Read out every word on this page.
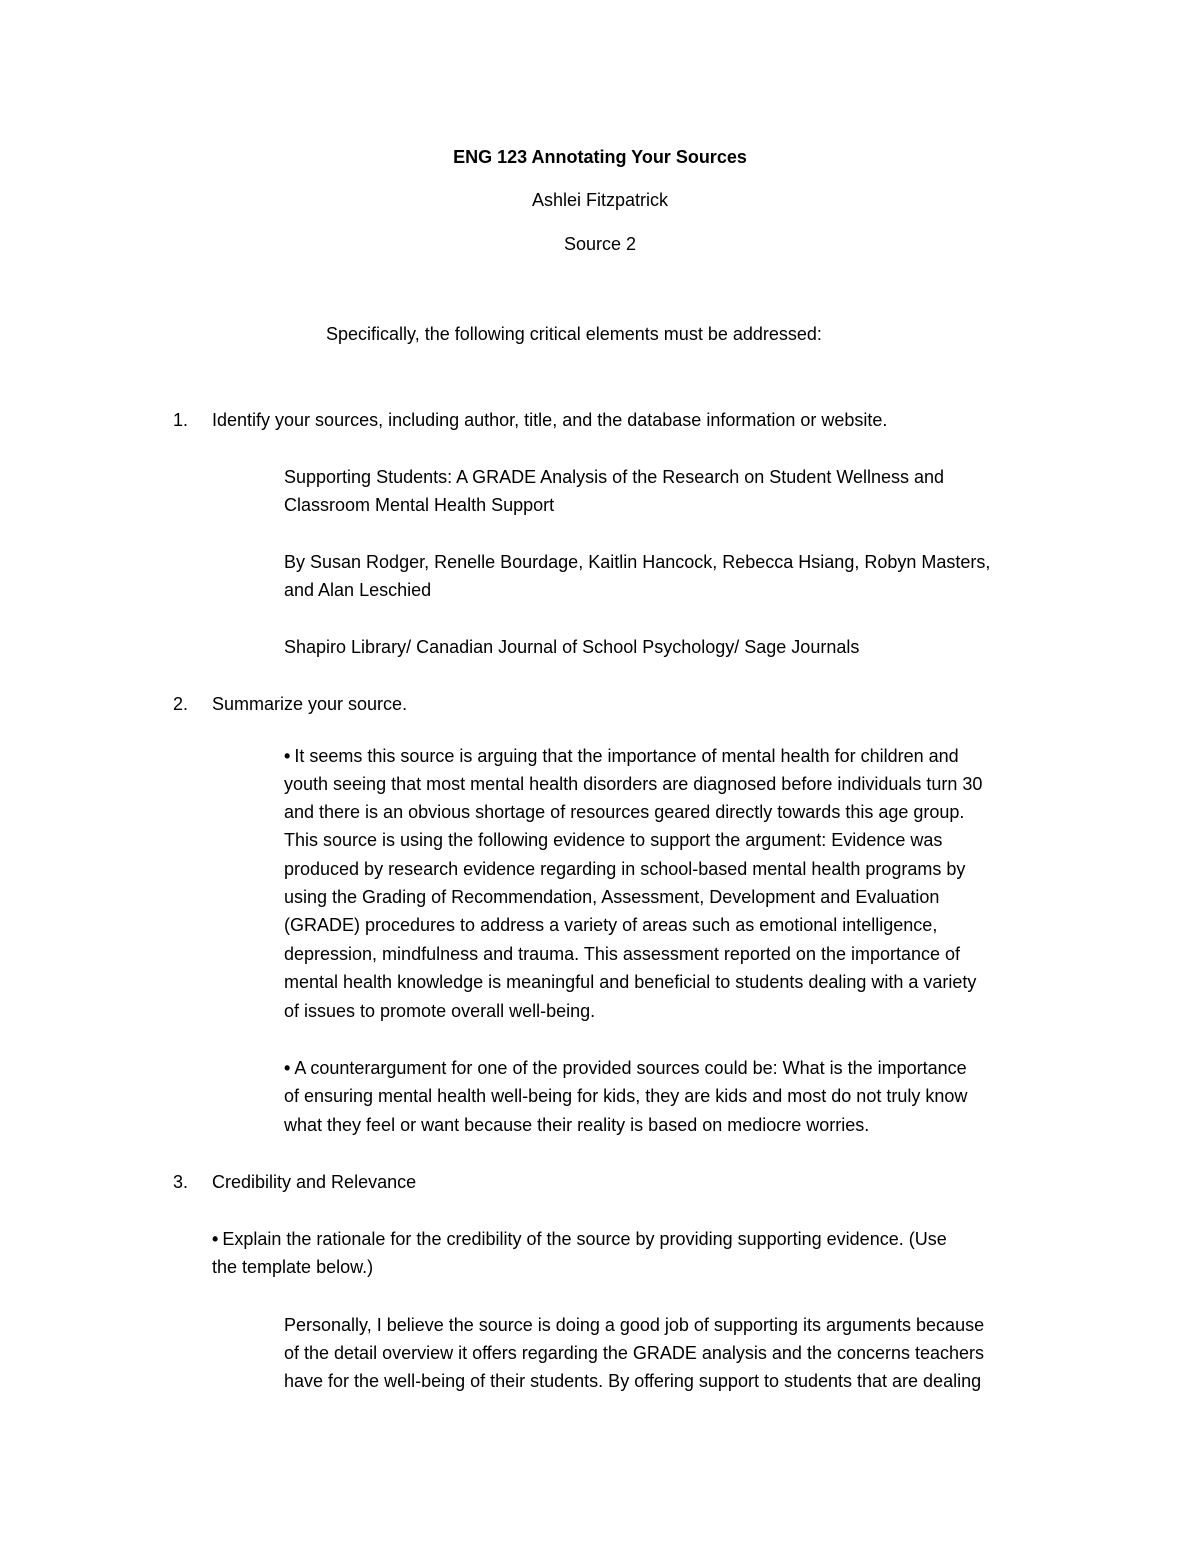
ENG 123 Annotating Your Sources
Ashlei Fitzpatrick
Source 2
Specifically, the following critical elements must be addressed:
1. Identify your sources, including author, title, and the database information or website.
Supporting Students: A GRADE Analysis of the Research on Student Wellness and
Classroom Mental Health Support
By Susan Rodger, Renelle Bourdage, Kaitlin Hancock, Rebecca Hsiang, Robyn Masters,
and Alan Leschied
Shapiro Library/ Canadian Journal of School Psychology/ Sage Journals
2. Summarize your source.
• It seems this source is arguing that the importance of mental health for children and
youth seeing that most mental health disorders are diagnosed before individuals turn 30
and there is an obvious shortage of resources geared directly towards this age group.
This source is using the following evidence to support the argument: Evidence was
produced by research evidence regarding in school-based mental health programs by
using the Grading of Recommendation, Assessment, Development and Evaluation
(GRADE) procedures to address a variety of areas such as emotional intelligence,
depression, mindfulness and trauma. This assessment reported on the importance of
mental health knowledge is meaningful and beneficial to students dealing with a variety
of issues to promote overall well-being.
• A counterargument for one of the provided sources could be: What is the importance
of ensuring mental health well-being for kids, they are kids and most do not truly know
what they feel or want because their reality is based on mediocre worries.
3. Credibility and Relevance
• Explain the rationale for the credibility of the source by providing supporting evidence. (Use
the template below.)
Personally, I believe the source is doing a good job of supporting its arguments because
of the detail overview it offers regarding the GRADE analysis and the concerns teachers
have for the well-being of their students. By offering support to students that are dealing
